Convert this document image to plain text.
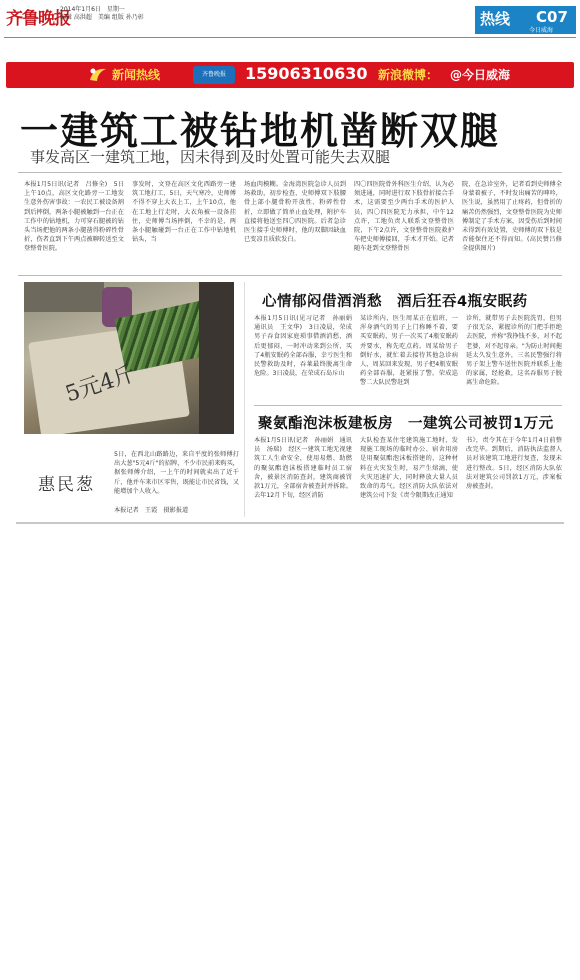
齐鲁晚报
2014年1月6日　星期一
编辑 高洪超　美编 组版 孙乃彰	热线 C07
今日威海
新闻热线	齐鲁晚报	15906310630 新浪微博： @今日威海
一建筑工被钻地机凿断双腿
事发高区一建筑工地，因未得到及时处置可能失去双腿
本报1月5日讯(记者　吕修全)　5日上午10点，高区文化路旁一工地发生意外伤害事故：一农民工被设备割到后摔倒，两条小腿被触到一台正在工作中的钻地机，力可穿石腿被的钻头当场把他的两条小腿凿得粉碎性骨折，伤者直到下午两点被聊转送至文登整骨医院。
事发时，文登在高区文化西路旁一建筑工地打工，5日，天气寒冷，史师傅不得不穿上大衣上工，上午10点，他在工地上行走时，大衣角被一设备挂住，史师傅当场摔倒，不幸的是，两条小腿触碰到一台正在工作中钻地机钻头，当
场血肉模糊。金海湾医院急诊人员到场救助，初步检查，史师傅双下肢腰骨上部小腿骨粉开放性、粉碎性骨折，立即做了简单止血处理，附护车直接将他送至四〇四医院。后者急诊医生接手史师傅时，他的双脚因缺血已变凉且质软发白。
四〇四医院骨外科医生介绍，认为必须进通，同时进行双下肢骨折接合手术，这需要至少两台手术的医护人员，四〇四医院无力承担，中午12点许，工地负责人联系文登整骨医院，下午2点许，文登整骨医院救护车把史师傅接回，手术才开始。记者随车赶到文登整骨医
院，在急诊室外，记者看到史师傅全身蒙着被子，不时发出痛苦的呻吟，医生说，虽然用了止疼药，但骨折的痛苦仍然强烈，文登整骨医院为史师傅制定了手术方案，因受伤后到时间未得到有效处置，史师傅的双下肢是否能保住还不得而知。(高民赞吕修全提供图片)
5元4斤
惠民葱
5日，在西北山路路边，来自平度的张师傅打出大葱"5元4斤"的招牌，不少市民前来购买，据张师傅介绍，一上午的时间就卖出了近千斤，他并车来市区零售，既能让市民省钱，又能增加个人收入。
本报记者　王霞　摄影报道
心情郁闷借酒消愁　酒后狂吞4瓶安眠药
本报1月5日讯(见习记者　孙丽娟　通讯员　王文华)　3日凌晨，荣成男子吞食因家庭琐事借酒消愁，酒后更郁闷，一时冲动来到公所，买了4瓶安眠药全部吞服，幸亏医生和民警救助及时，吞莱最终脱离生命危险。3日凌晨，在荣成石岛斥山
某诊所内，医生周某正在值班，一浑身酒气的男子上门称睡不着，要买安眠药，男子一次买了4瓶安眠药并要水，称先吃点药。周某给男子倒好水，就忙着去接待其他急诊病人，周某回来发现，男子把4瓶安眠药全部吞服，赶紧报了警。荣成巡警二大队民警赶到
诊所，就带男子去医院洗胃，但男子很无奈，紧握诊所的门把手拒绝去医院，并称"我挣钱不多，对不起老婆，对不起母亲。"为防止时间拖延太久发生意外，三名民警强行将男子架上警车送往医院并联系上他的家属，经抢救，这名吞服男子脱离生命危险。
聚氨酯泡沫板建板房　一建筑公司被罚1万元
本报1月5日讯(记者　孙丽娟　通讯员　汤瑞)　经区一建筑工地无视建筑工人生命安全，使用易燃、助燃的聚氨酯泡沫板搭建临时员工宿舍，被景区消防查封，建筑商被罚款1万元，全部宿舍被查封并拆除。去年12月下旬，经区消防
大队检查某住宅建筑施工地时，发现施工现场的临时办公、宿舍用房是用聚氨酯泡沫板搭建的，这种材料在火灾发生时，易产生熔滴，使火灾迅速扩大，同时释放大量人员致命的毒气。经区消防大队依法对建筑公司下发《责令限期改正通知
书》，责令其在于今年1月4日前整改完毕。到期后，消防执法监督人员对该建筑工地进行复查，发现未进行整改。5日，经区消防大队依法对建筑公司罚款1万元，涉案板房被查封。
